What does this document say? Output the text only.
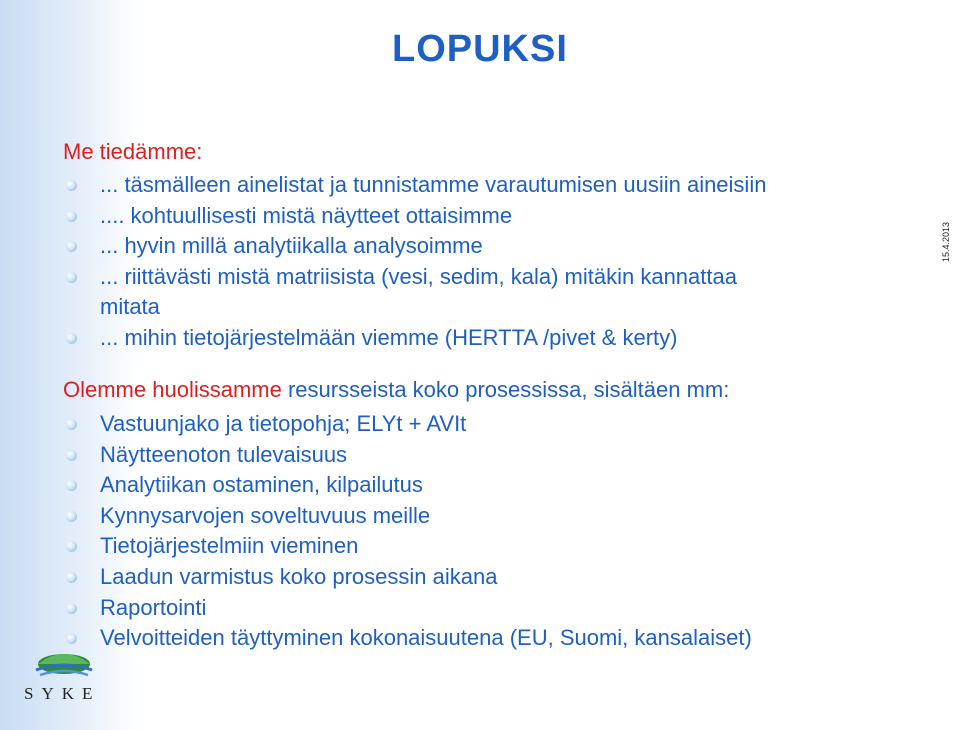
LOPUKSI
15.4.2013
Me tiedämme:
... täsmälleen ainelistat ja tunnistamme varautumisen uusiin aineisiin
.... kohtuullisesti mistä näytteet ottaisimme
... hyvin millä analytiikalla analysoimme
... riittävästi mistä matriisista (vesi, sedim, kala) mitäkin kannattaa
mitata
... mihin tietojärjestelmään viemme (HERTTA /pivet & kerty)
Olemme huolissamme resursseista koko prosessissa, sisältäen mm:
Vastuunjako ja tietopohja; ELYt + AVIt
Näytteenoton tulevaisuus
Analytiikan ostaminen, kilpailutus
Kynnysarvojen soveltuvuus meille
Tietojärjestelmiin vieminen
Laadun varmistus koko prosessin aikana
Raportointi
Velvoitteiden täyttyminen kokonaisuutena (EU, Suomi, kansalaiset)
SYKE
